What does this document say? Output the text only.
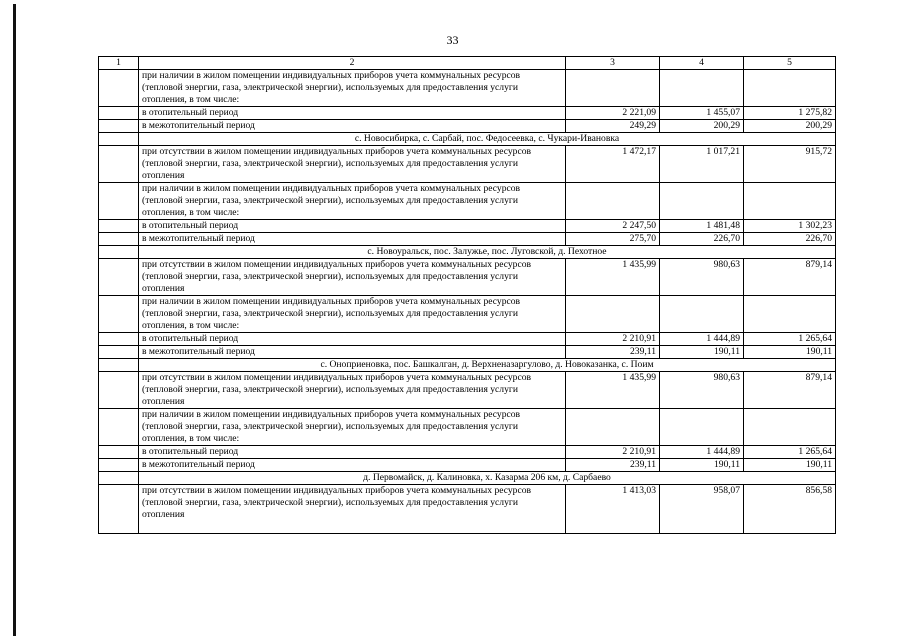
33
1	2	3	4	5
	при наличии в жилом помещении индивидуальных приборов учета коммунальных ресурсов (тепловой энергии, газа, электрической энергии), используемых для предоставления услуги отопления, в том числе:			
	в отопительный период	2 221,09	1 455,07	1 275,82
	в межотопительный период	249,29	200,29	200,29
	с. Новосибирка, с. Сарбай, пос. Федосеевка, с. Чукари-Ивановка			
	при отсутствии в жилом помещении индивидуальных приборов учета коммунальных ресурсов (тепловой энергии, газа, электрической энергии), используемых для предоставления услуги отопления	1 472,17	1 017,21	915,72
	при наличии в жилом помещении индивидуальных приборов учета коммунальных ресурсов (тепловой энергии, газа, электрической энергии), используемых для предоставления услуги отопления, в том числе:			
	в отопительный период	2 247,50	1 481,48	1 302,23
	в межотопительный период	275,70	226,70	226,70
	с. Новоуральск, пос. Залужье, пос. Луговской, д. Пехотное			
	при отсутствии в жилом помещении индивидуальных приборов учета коммунальных ресурсов (тепловой энергии, газа, электрической энергии), используемых для предоставления услуги отопления	1 435,99	980,63	879,14
	при наличии в жилом помещении индивидуальных приборов учета коммунальных ресурсов (тепловой энергии, газа, электрической энергии), используемых для предоставления услуги отопления, в том числе:			
	в отопительный период	2 210,91	1 444,89	1 265,64
	в межотопительный период	239,11	190,11	190,11
	с. Оноприеновка, пос. Башкалган, д. Верхненазаргулово, д. Новоказанка, с. Поим			
	при отсутствии в жилом помещении индивидуальных приборов учета коммунальных ресурсов (тепловой энергии, газа, электрической энергии), используемых для предоставления услуги отопления	1 435,99	980,63	879,14
	при наличии в жилом помещении индивидуальных приборов учета коммунальных ресурсов (тепловой энергии, газа, электрической энергии), используемых для предоставления услуги отопления, в том числе:			
	в отопительный период	2 210,91	1 444,89	1 265,64
	в межотопительный период	239,11	190,11	190,11
	д. Первомайск, д. Калиновка, х. Казарма 206 км, д. Сарбаево			
	при отсутствии в жилом помещении индивидуальных приборов учета коммунальных ресурсов (тепловой энергии, газа, электрической энергии), используемых для предоставления услуги отопления	1 413,03	958,07	856,58
